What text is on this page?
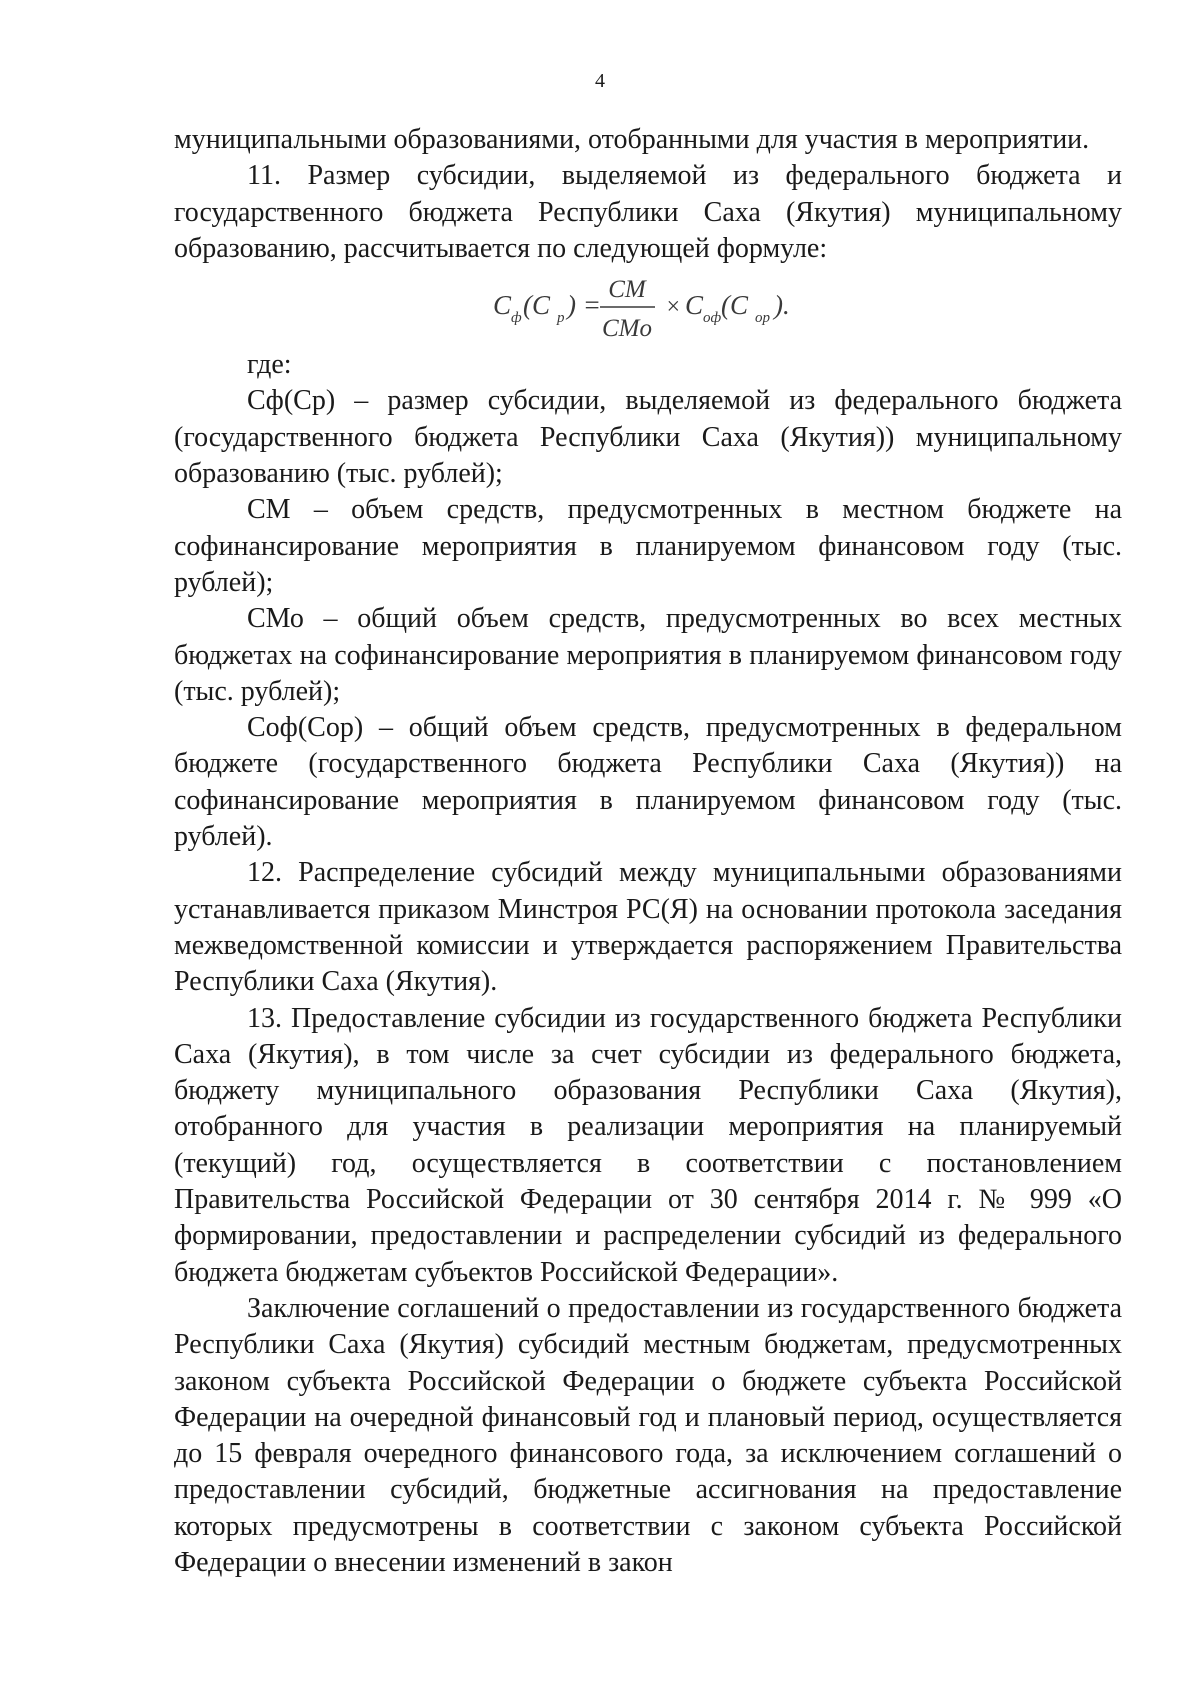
4

муниципальными образованиями, отобранными для участия в мероприятии.

11. Размер субсидии, выделяемой из федерального бюджета и государственного бюджета Республики Саха (Якутия) муниципальному образованию, рассчитывается по следующей формуле:

C ф (C р ) =
CM
CMo
× C оф (C ор ).

где:

Сф(Ср) – размер субсидии, выделяемой из федерального бюджета (государственного бюджета Республики Саха (Якутия)) муниципальному образованию (тыс. рублей);

СМ – объем средств, предусмотренных в местном бюджете на софинансирование мероприятия в планируемом финансовом году (тыс. рублей);

СМо – общий объем средств, предусмотренных во всех местных бюджетах на софинансирование мероприятия в планируемом финансовом году (тыс. рублей);

Соф(Сор) – общий объем средств, предусмотренных в федеральном бюджете (государственного бюджета Республики Саха (Якутия)) на софинансирование мероприятия в планируемом финансовом году (тыс. рублей).

12. Распределение субсидий между муниципальными образованиями устанавливается приказом Минстроя РС(Я) на основании протокола заседания межведомственной комиссии и утверждается распоряжением Правительства Республики Саха (Якутия).

13. Предоставление субсидии из государственного бюджета Республики Саха (Якутия), в том числе за счет субсидии из федерального бюджета, бюджету муниципального образования Республики Саха (Якутия), отобранного для участия в реализации мероприятия на планируемый (текущий) год, осуществляется в соответствии с постановлением Правительства Российской Федерации от 30 сентября 2014 г. № 999 «О формировании, предоставлении и распределении субсидий из федерального бюджета бюджетам субъектов Российской Федерации».

Заключение соглашений о предоставлении из государственного бюджета Республики Саха (Якутия) субсидий местным бюджетам, предусмотренных законом субъекта Российской Федерации о бюджете субъекта Российской Федерации на очередной финансовый год и плановый период, осуществляется до 15 февраля очередного финансового года, за исключением соглашений о предоставлении субсидий, бюджетные ассигнования на предоставление которых предусмотрены в соответствии с законом субъекта Российской Федерации о внесении изменений в закон
